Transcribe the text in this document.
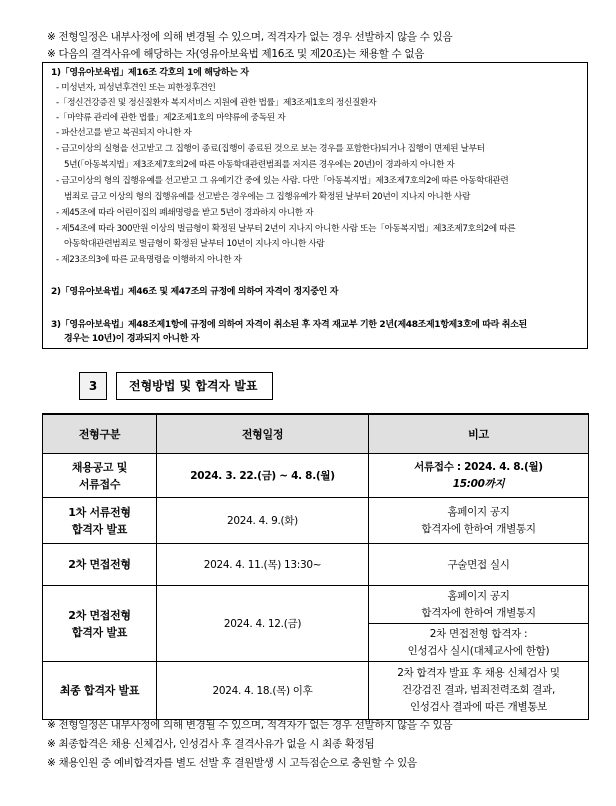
※ 전형일정은 내부사정에 의해 변경될 수 있으며, 적격자가 없는 경우 선발하지 않을 수 있음
※ 다음의 결격사유에 해당하는 자(영유아보육법 제16조 및 제20조)는 채용할 수 없음
1)「영유아보육법」제16조 각호의 1에 해당하는 자
- 미성년자, 피성년후견인 또는 피한정후견인
-「정신건강증진 및 정신질환자 복지서비스 지원에 관한 법률」제3조제1호의 정신질환자
-「마약류 관리에 관한 법률」제2조제1호의 마약류에 중독된 자
- 파산선고를 받고 복권되지 아니한 자
- 금고이상의 실형을 선고받고 그 집행이 종료(집행이 종료된 것으로 보는 경우를 포함한다)되거나 집행이 면제된 날부터
5년(「아동복지법」제3조제7호의2에 따른 아동학대관련범죄를 저지른 경우에는 20년)이 경과하지 아니한 자
- 금고이상의 형의 집행유예를 선고받고 그 유예기간 중에 있는 사람. 다만「아동복지법」제3조제7호의2에 따른 아동학대관련
범죄로 금고 이상의 형의 집행유예를 선고받은 경우에는 그 집행유예가 확정된 날부터 20년이 지나지 아니한 사람
- 제45조에 따라 어린이집의 폐쇄명령을 받고 5년이 경과하지 아니한 자
- 제54조에 따라 300만원 이상의 벌금형이 확정된 날부터 2년이 지나지 아니한 사람 또는「아동복지법」제3조제7호의2에 따른
아동학대관련범죄로 벌금형이 확정된 날부터 10년이 지나지 아니한 사람
- 제23조의3에 따른 교육명령을 이행하지 아니한 자
2)「영유아보육법」제46조 및 제47조의 규정에 의하여 자격이 정지중인 자
3)「영유아보육법」제48조제1항에 규정에 의하여 자격이 취소된 후 자격 재교부 기한 2년(제48조제1항제3호에 따라 취소된
경우는 10년)이 경과되지 아니한 자
3	전형방법 및 합격자 발표
전형구분	전형일정	비고

채용공고 및
서류접수	2024. 3. 22.(금) ~ 4. 8.(월)	서류접수 : 2024. 4. 8.(월)
15:00까지

1차 서류전형
합격자 발표	2024. 4. 9.(화)	홈페이지 공지
합격자에 한하여 개별통지

2차 면접전형	2024. 4. 11.(목) 13:30~	구술면접 실시

2차 면접전형
합격자 발표	2024. 4. 12.(금)	홈페이지 공지
합격자에 한하여 개별통지

		2차 면접전형 합격자 :
인성검사 실시(대체교사에 한함)

최종 합격자 발표	2024. 4. 18.(목) 이후	2차 합격자 발표 후 채용 신체검사 및
건강검진 결과, 범죄전력조회 결과,
인성검사 결과에 따른 개별통보
※ 전형일정은 내부사정에 의해 변경될 수 있으며, 적격자가 없는 경우 선발하지 않을 수 있음
※ 최종합격은 채용 신체검사, 인성검사 후 결격사유가 없을 시 최종 확정됨
※ 채용인원 중 예비합격자를 별도 선발 후 결원발생 시 고득점순으로 충원할 수 있음
